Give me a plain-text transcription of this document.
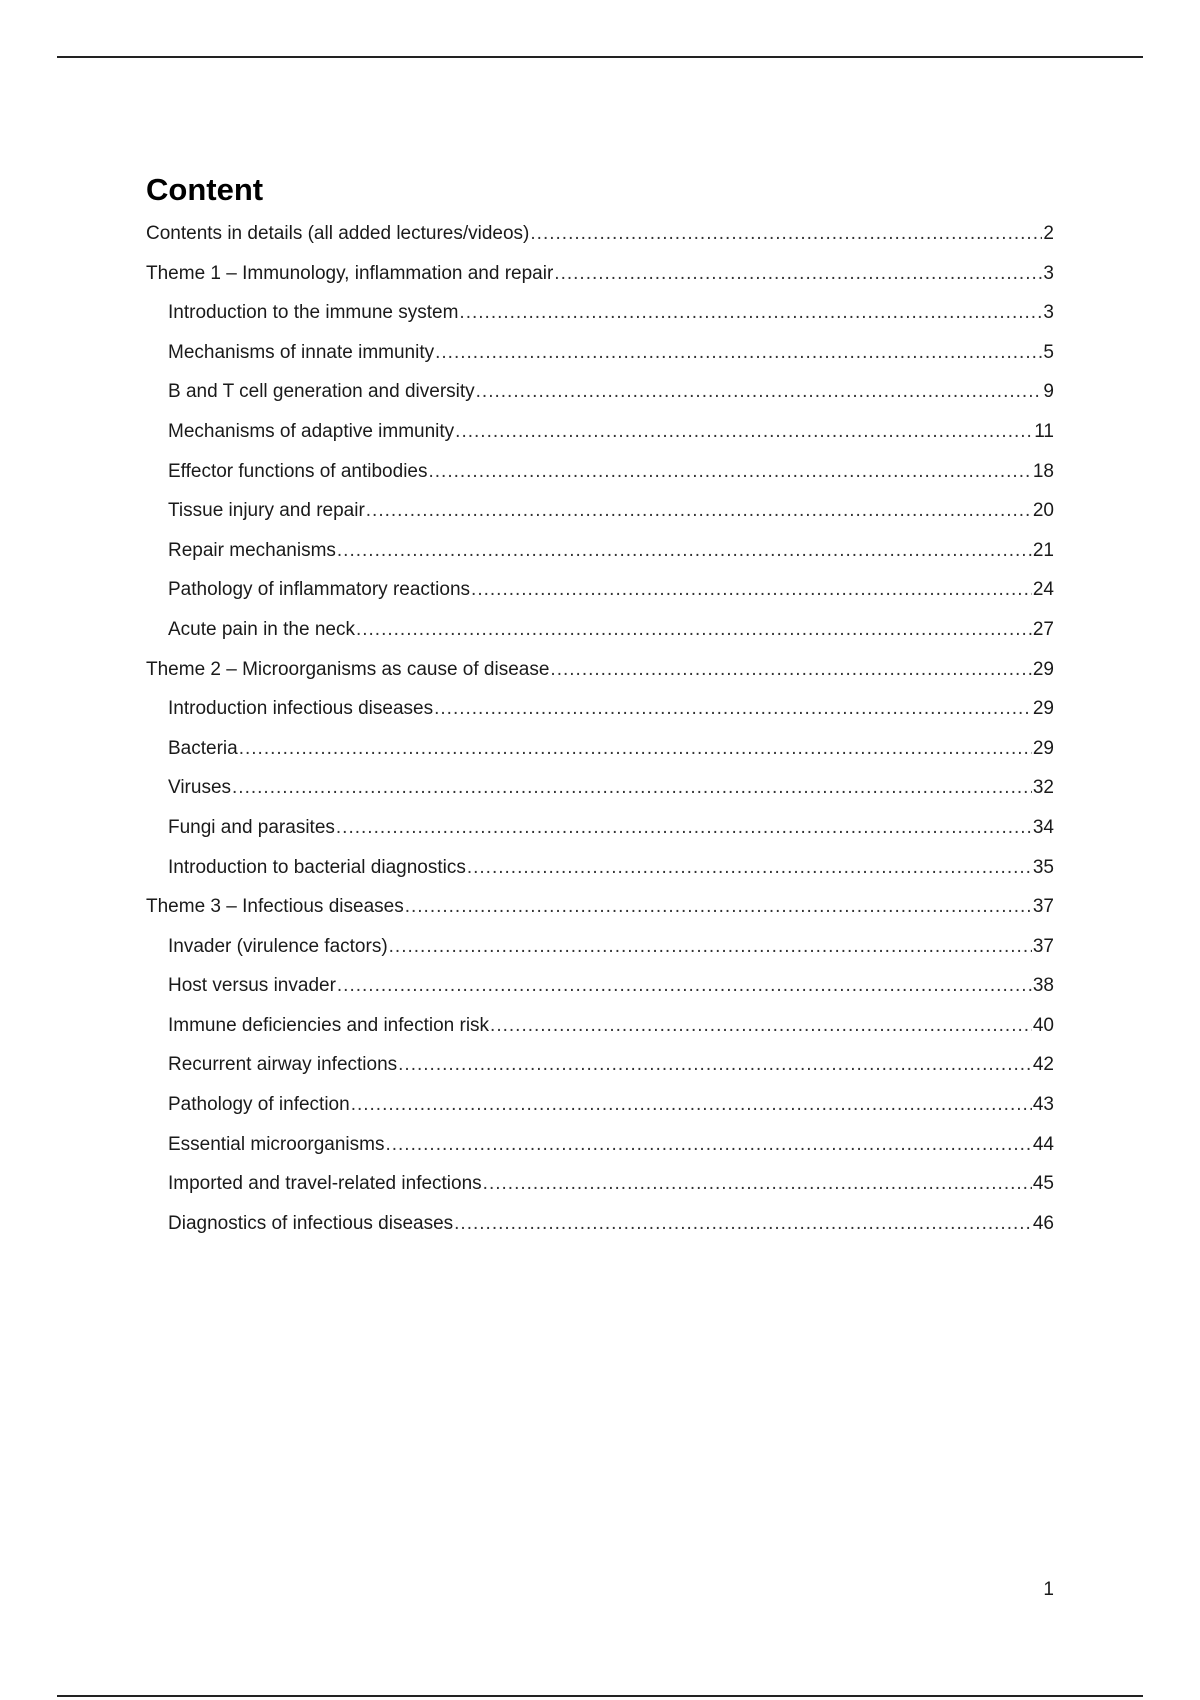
Content
Contents in details (all added lectures/videos) .....	2
Theme 1 – Immunology, inflammation and repair .....	3
Introduction to the immune system .....	3
Mechanisms of innate immunity .....	5
B and T cell generation and diversity .....	9
Mechanisms of adaptive immunity .....	11
Effector functions of antibodies .....	18
Tissue injury and repair .....	20
Repair mechanisms .....	21
Pathology of inflammatory reactions .....	24
Acute pain in the neck .....	27
Theme 2 – Microorganisms as cause of disease .....	29
Introduction infectious diseases .....	29
Bacteria .....	29
Viruses .....	32
Fungi and parasites .....	34
Introduction to bacterial diagnostics .....	35
Theme 3 – Infectious diseases .....	37
Invader (virulence factors) .....	37
Host versus invader .....	38
Immune deficiencies and infection risk .....	40
Recurrent airway infections .....	42
Pathology of infection .....	43
Essential microorganisms .....	44
Imported and travel-related infections .....	45
Diagnostics of infectious diseases .....	46
1
